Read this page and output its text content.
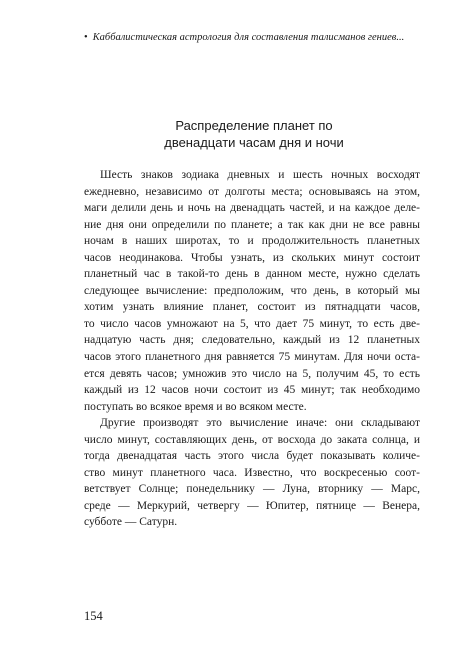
• Каббалистическая астрология для составления талисманов гениев...
Распределение планет по
двенадцати часам дня и ночи
Шесть знаков зодиака дневных и шесть ночных восходят
ежедневно, независимо от долготы места; основываясь на этом,
маги делили день и ночь на двенадцать частей, и на каждое деле-
ние дня они определили по планете; а так как дни не все равны
ночам в наших широтах, то и продолжительность планетных
часов неодинакова. Чтобы узнать, из скольких минут состоит
планетный час в такой-то день в данном месте, нужно сделать
следующее вычисление: предположим, что день, в который мы
хотим узнать влияние планет, состоит из пятнадцати часов,
то число часов умножают на 5, что дает 75 минут, то есть две-
надцатую часть дня; следовательно, каждый из 12 планетных
часов этого планетного дня равняется 75 минутам. Для ночи оста-
ется девять часов; умножив это число на 5, получим 45, то есть
каждый из 12 часов ночи состоит из 45 минут; так необходимо
поступать во всякое время и во всяком месте.
Другие производят это вычисление иначе: они складывают
число минут, составляющих день, от восхода до заката солнца, и
тогда двенадцатая часть этого числа будет показывать количе-
ство минут планетного часа. Известно, что воскресенью соот-
ветствует Солнце; понедельнику — Луна, вторнику — Марс,
среде — Меркурий, четвергу — Юпитер, пятнице — Венера,
субботе — Сатурн.
154
